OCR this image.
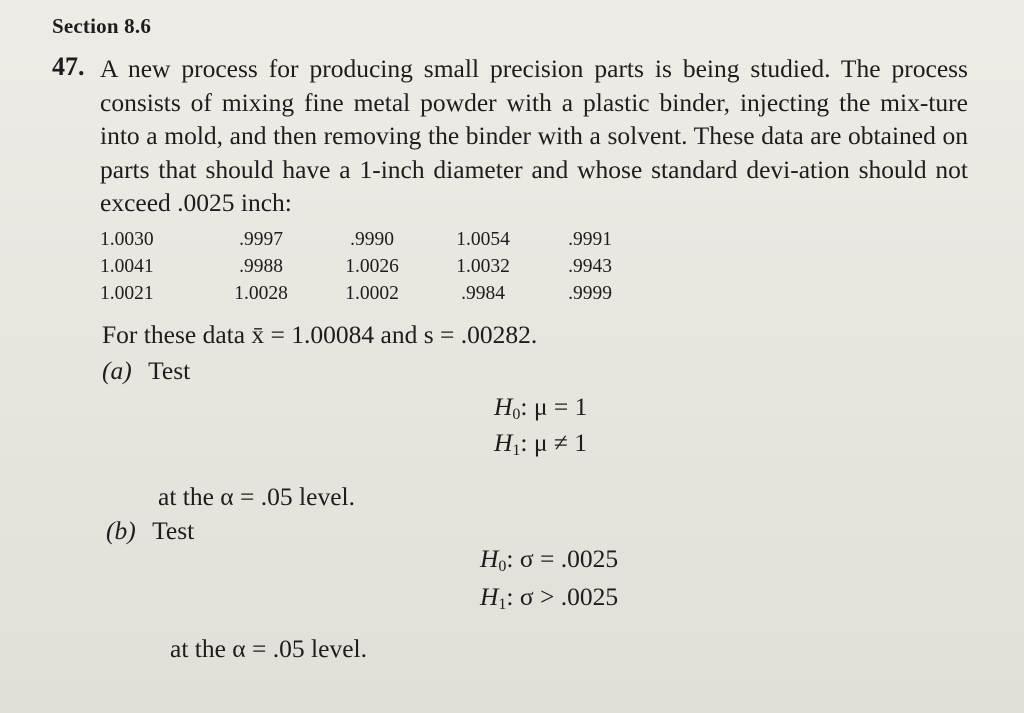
Section 8.6
47. A new process for producing small precision parts is being studied. The process consists of mixing fine metal powder with a plastic binder, injecting the mix-ture into a mold, and then removing the binder with a solvent. These data are obtained on parts that should have a 1-inch diameter and whose standard devi-ation should not exceed .0025 inch:
1.0030	.9997	.9990	1.0054	.9991
1.0041	.9988	1.0026	1.0032	.9943
1.0021	1.0028	1.0002	.9984	.9999
For these data x̄ = 1.00084 and s = .00282.
(a) Test
$H_0$: μ = 1
$H_1$: μ ≠ 1
at the α = .05 level.
(b) Test
$H_0$: σ = .0025
$H_1$: σ > .0025
at the α = .05 level.
